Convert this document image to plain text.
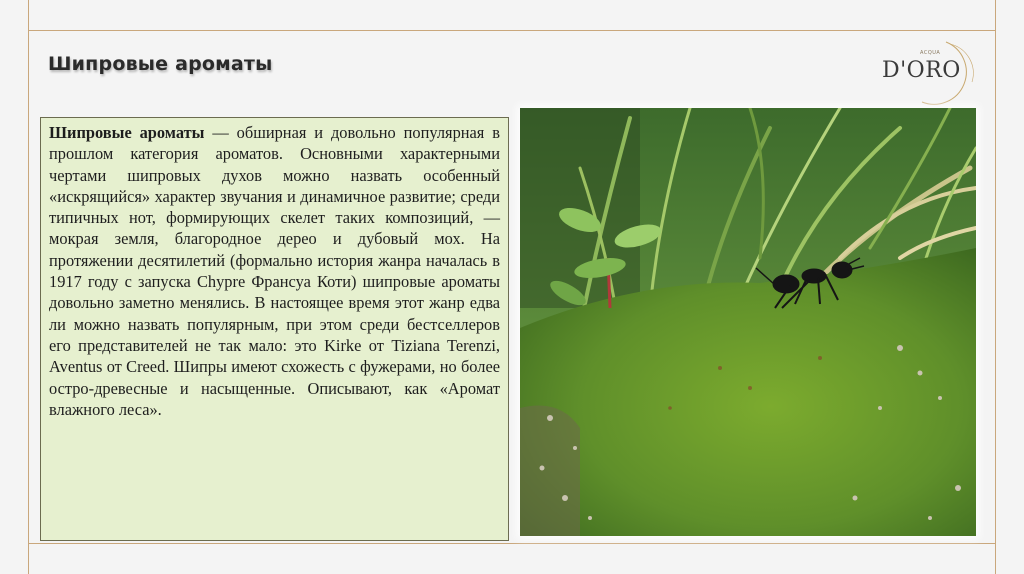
Шипровые ароматы	ACQUA
D'ORO
Шипровые ароматы — обширная и довольно популярная в прошлом категория ароматов. Основными характерными чертами шипровых духов можно назвать особенный «искрящийся» характер звучания и динамичное развитие; среди типичных нот, формирующих скелет таких композиций, — мокрая земля, благородное дерео и дубовый мох. На протяжении десятилетий (формально история жанра началась в 1917 году с запуска Chypre Франсуа Коти) шипровые ароматы довольно заметно менялись. В настоящее время этот жанр едва ли можно назвать популярным, при этом среди бестселлеров его представителей не так мало: это Kirke от Tiziana Terenzi, Aventus от Creed. Шипры имеют схожесть с фужерами, но более остро-древесные и насыщенные. Описывают, как «Аромат влажного леса».
